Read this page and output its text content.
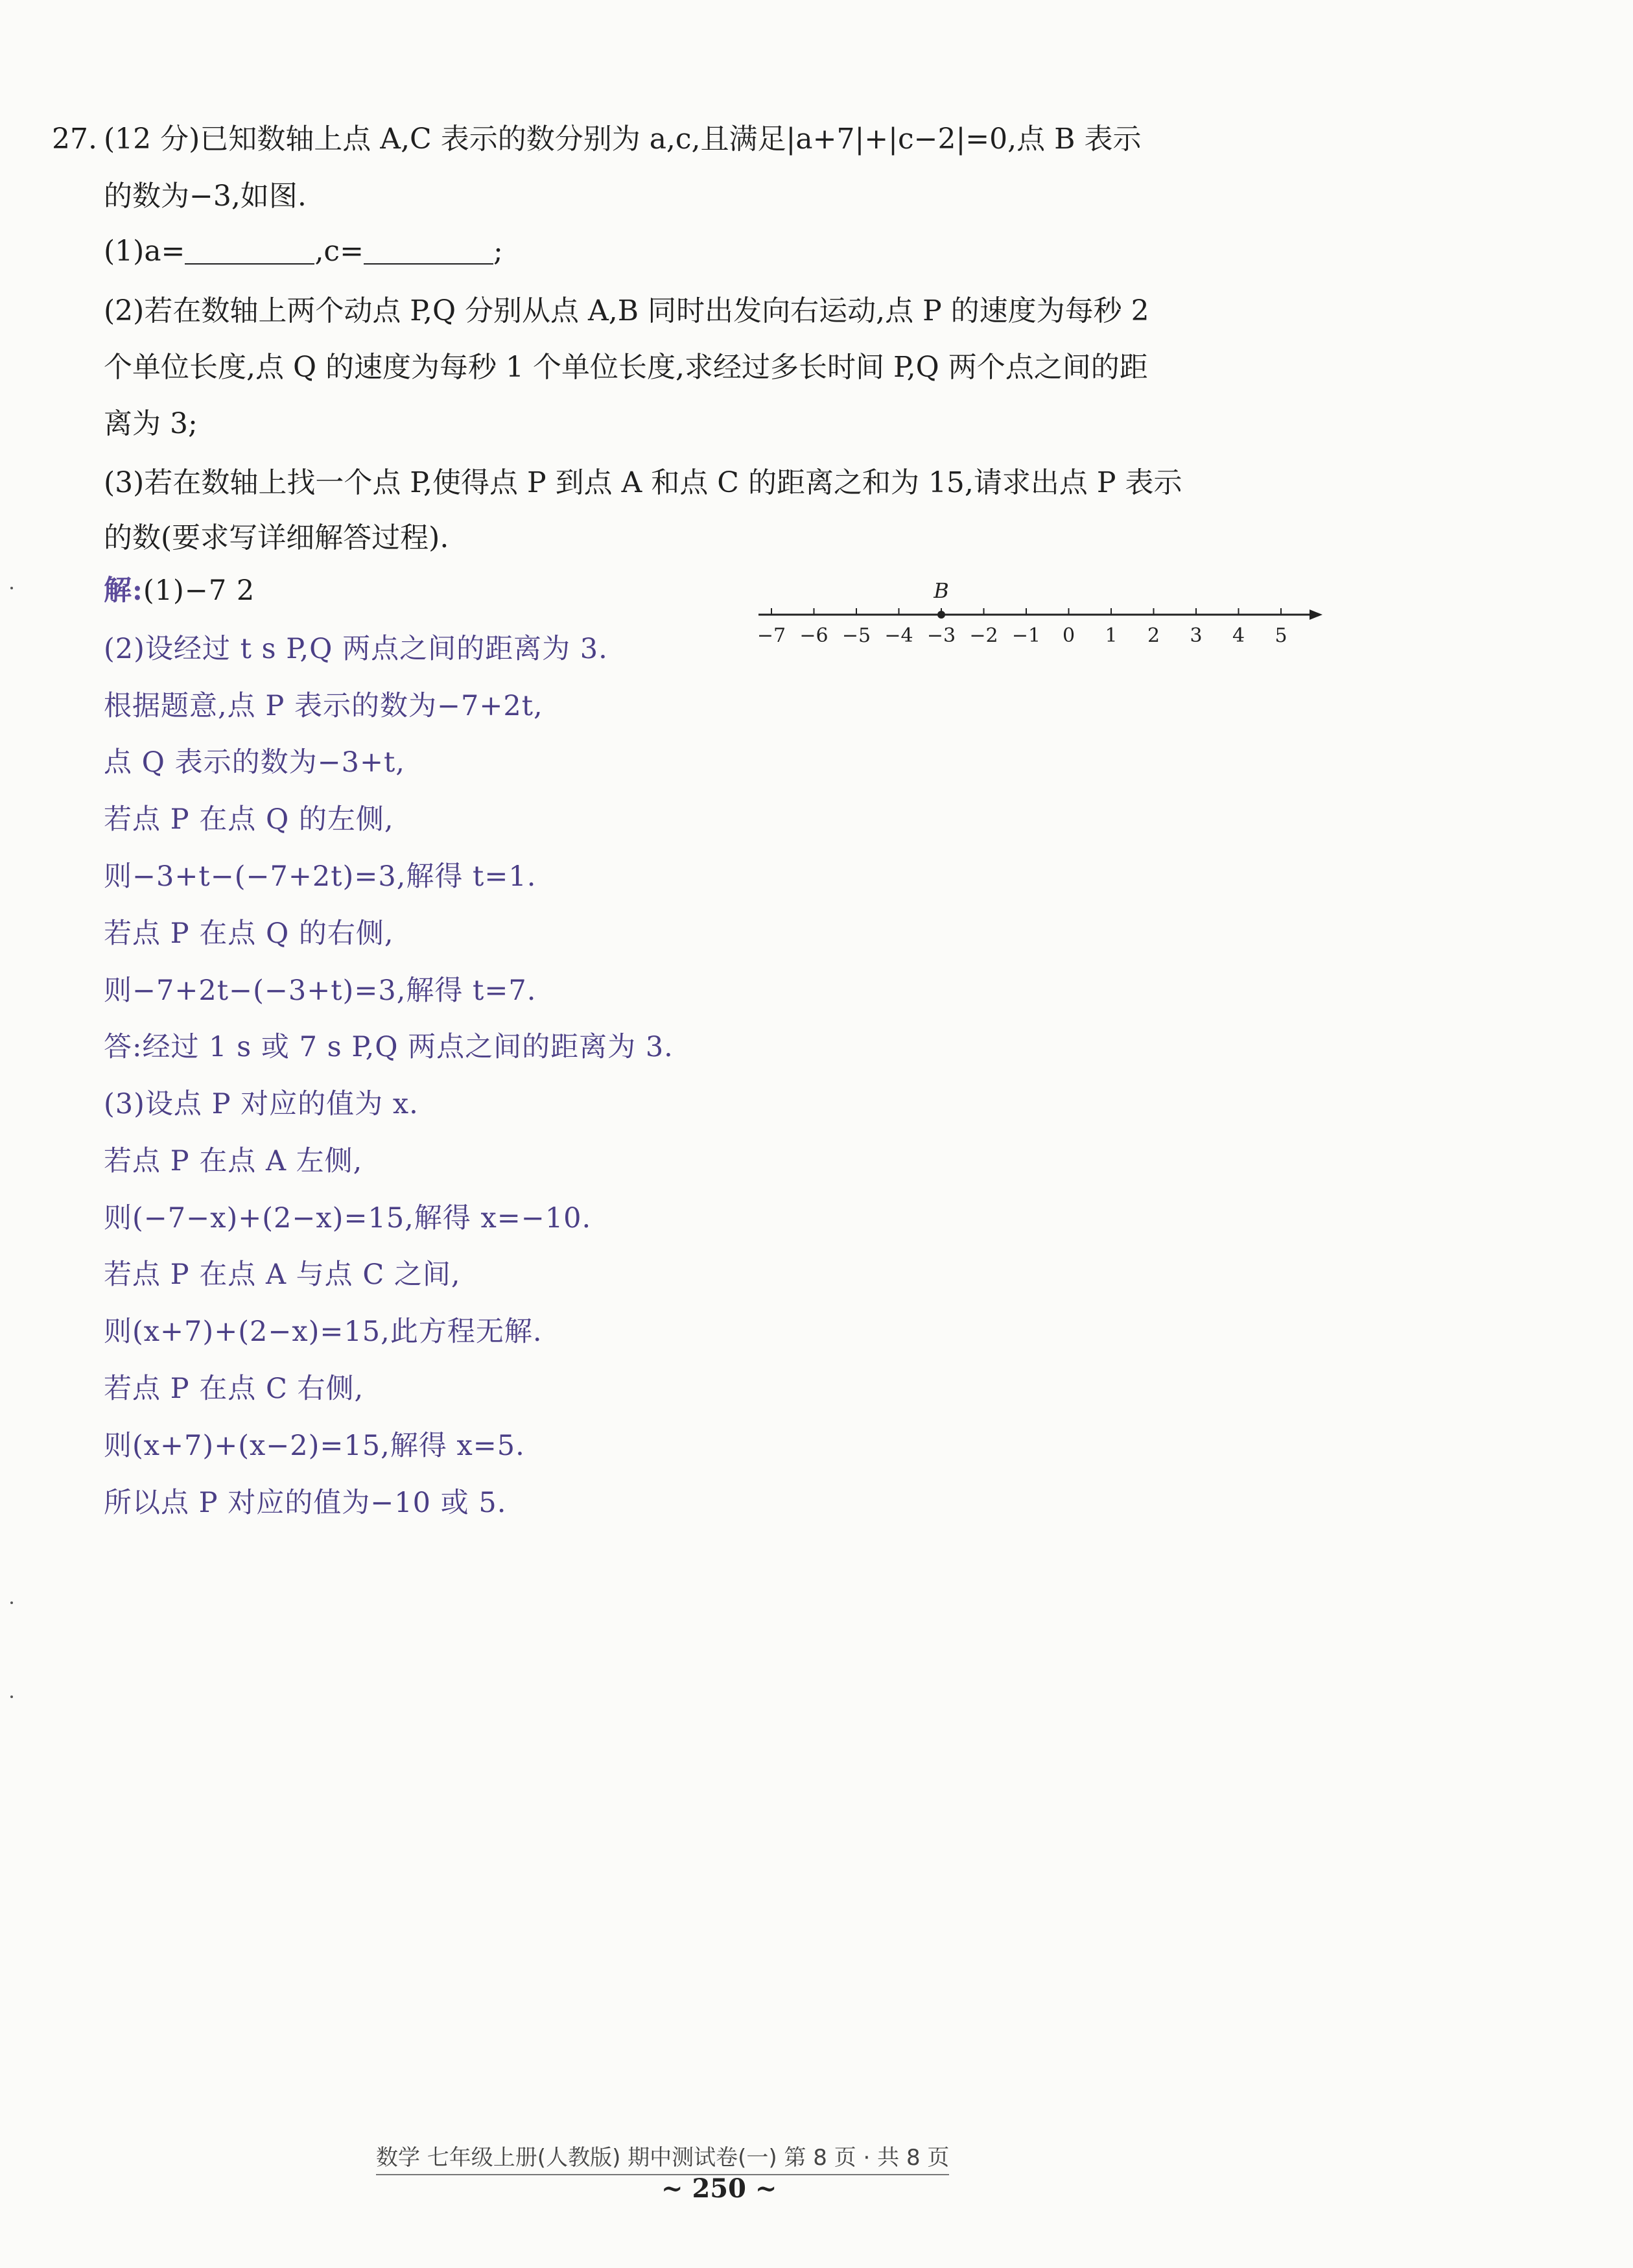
27. (12 分)已知数轴上点 A,C 表示的数分别为 a,c,且满足|a+7|+|c−2|=0,点 B 表示
的数为−3,如图.
(1)a=	,c=	;
(2)若在数轴上两个动点 P,Q 分别从点 A,B 同时出发向右运动,点 P 的速度为每秒 2
个单位长度,点 Q 的速度为每秒 1 个单位长度,求经过多长时间 P,Q 两个点之间的距
离为 3;
(3)若在数轴上找一个点 P,使得点 P 到点 A 和点 C 的距离之和为 15,请求出点 P 表示
的数(要求写详细解答过程).
−7 −6 −5 −4 −3 −2 −1 0 1 2 3 4 5
B
解:(1)−7 2
(2)设经过 t s P,Q 两点之间的距离为 3.
根据题意,点 P 表示的数为−7+2t,
点 Q 表示的数为−3+t,
若点 P 在点 Q 的左侧,
则−3+t−(−7+2t)=3,解得 t=1.
若点 P 在点 Q 的右侧,
则−7+2t−(−3+t)=3,解得 t=7.
答:经过 1 s 或 7 s P,Q 两点之间的距离为 3.
(3)设点 P 对应的值为 x.
若点 P 在点 A 左侧,
则(−7−x)+(2−x)=15,解得 x=−10.
若点 P 在点 A 与点 C 之间,
则(x+7)+(2−x)=15,此方程无解.
若点 P 在点 C 右侧,
则(x+7)+(x−2)=15,解得 x=5.
所以点 P 对应的值为−10 或 5.
数学 七年级上册(人教版) 期中测试卷(一) 第 8 页 · 共 8 页
~ 250 ~
